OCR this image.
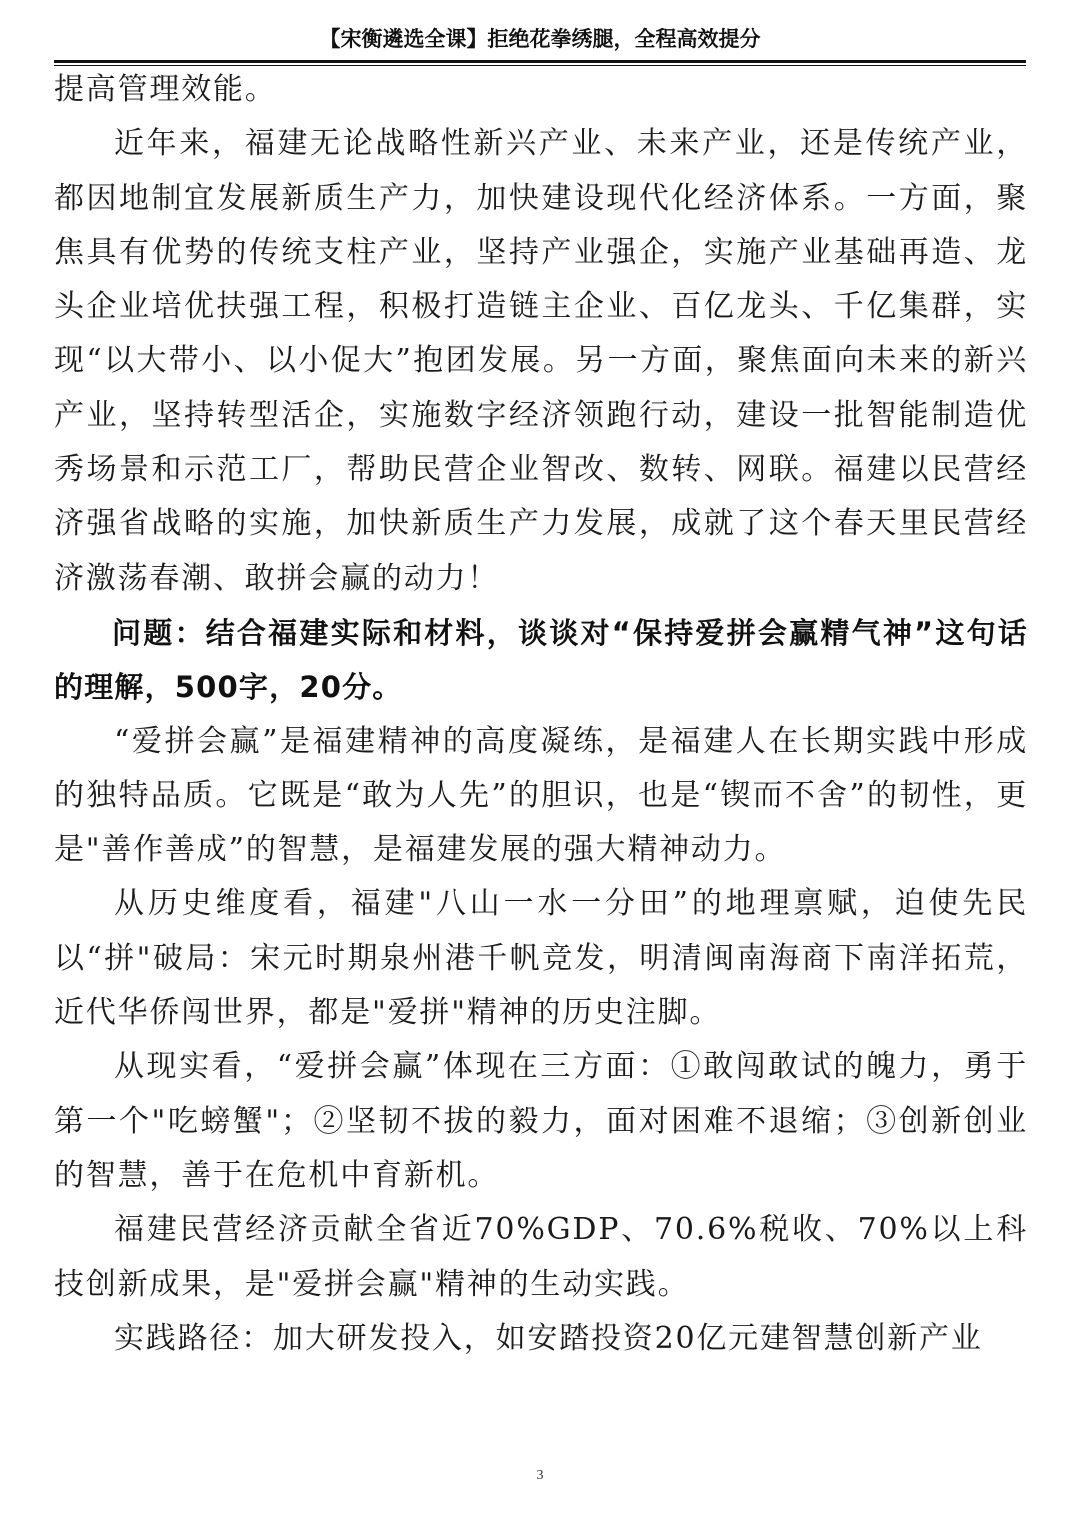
【宋衡遴选全课】拒绝花拳绣腿，全程高效提分

提高管理效能。

近年来，福建无论战略性新兴产业、未来产业，还是传统产业，都因地制宜发展新质生产力，加快建设现代化经济体系。一方面，聚焦具有优势的传统支柱产业，坚持产业强企，实施产业基础再造、龙头企业培优扶强工程，积极打造链主企业、百亿龙头、千亿集群，实现“以大带小、以小促大”抱团发展。另一方面，聚焦面向未来的新兴产业，坚持转型活企，实施数字经济领跑行动，建设一批智能制造优秀场景和示范工厂，帮助民营企业智改、数转、网联。福建以民营经济强省战略的实施，加快新质生产力发展，成就了这个春天里民营经济激荡春潮、敢拼会赢的动力！

问题：结合福建实际和材料，谈谈对“保持爱拼会赢精气神”这句话的理解，500字，20分。

“爱拼会赢”是福建精神的高度凝练，是福建人在长期实践中形成的独特品质。它既是“敢为人先”的胆识，也是“锲而不舍”的韧性，更是"善作善成”的智慧，是福建发展的强大精神动力。

从历史维度看，福建"八山一水一分田”的地理禀赋，迫使先民以“拼"破局：宋元时期泉州港千帆竞发，明清闽南海商下南洋拓荒，近代华侨闯世界，都是"爱拼"精神的历史注脚。

从现实看，“爱拼会赢”体现在三方面：①敢闯敢试的魄力，勇于第一个"吃螃蟹"；②坚韧不拔的毅力，面对困难不退缩；③创新创业的智慧，善于在危机中育新机。

福建民营经济贡献全省近70%GDP、70.6%税收、70%以上科技创新成果，是"爱拼会赢"精神的生动实践。

实践路径：加大研发投入，如安踏投资20亿元建智慧创新产业

3
